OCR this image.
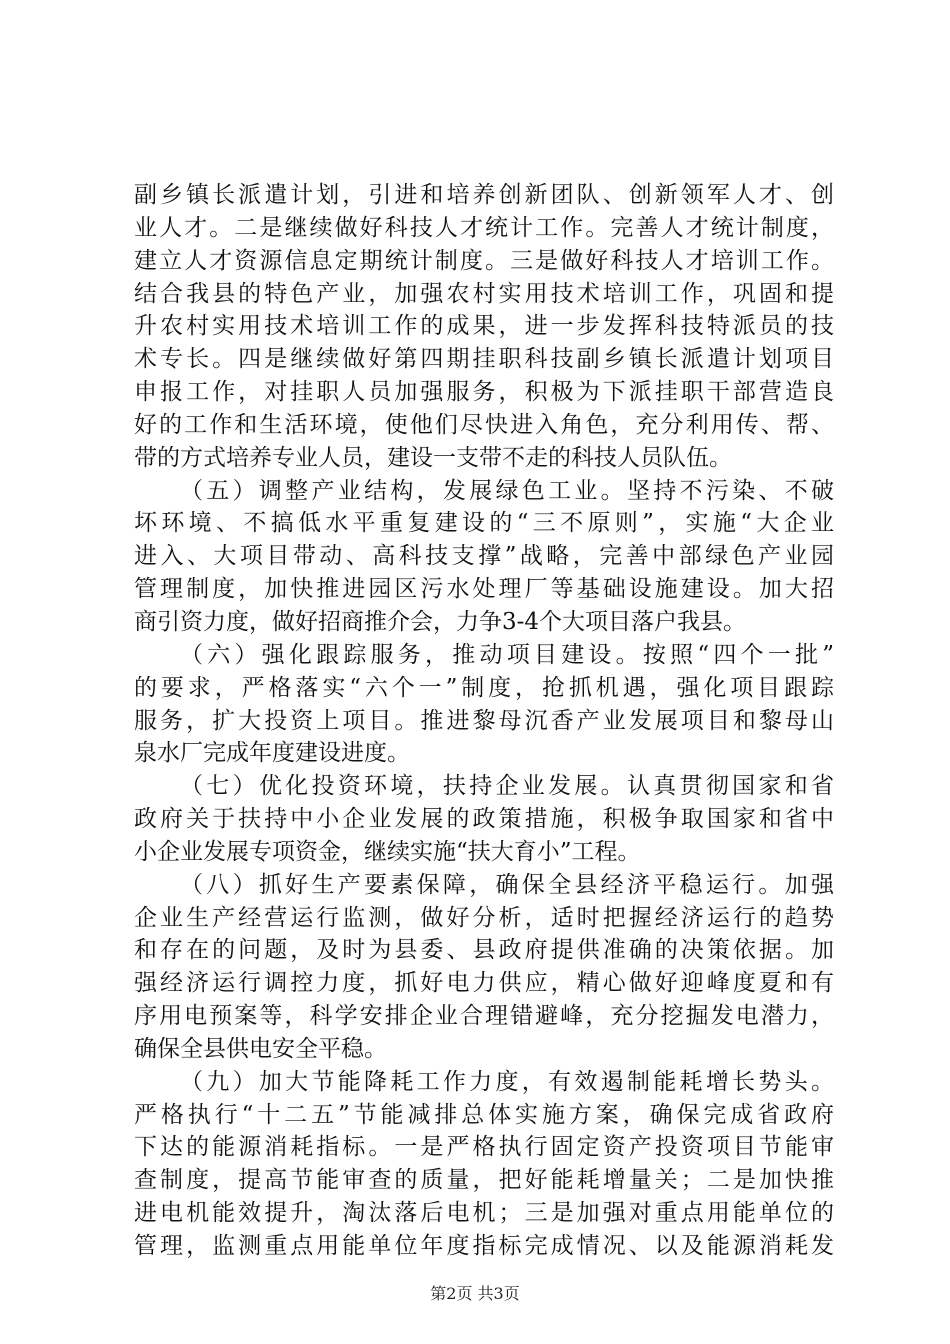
副乡镇长派遣计划，引进和培养创新团队、创新领军人才、创
业人才。二是继续做好科技人才统计工作。完善人才统计制度，
建立人才资源信息定期统计制度。三是做好科技人才培训工作。
结合我县的特色产业，加强农村实用技术培训工作，巩固和提
升农村实用技术培训工作的成果，进一步发挥科技特派员的技
术专长。四是继续做好第四期挂职科技副乡镇长派遣计划项目
申报工作，对挂职人员加强服务，积极为下派挂职干部营造良
好的工作和生活环境，使他们尽快进入角色，充分利用传、帮、
带的方式培养专业人员，建设一支带不走的科技人员队伍。
（五）调整产业结构，发展绿色工业。坚持不污染、不破
坏环境、不搞低水平重复建设的“三不原则”，实施“大企业
进入、大项目带动、高科技支撑”战略，完善中部绿色产业园
管理制度，加快推进园区污水处理厂等基础设施建设。加大招
商引资力度，做好招商推介会，力争3-4个大项目落户我县。
（六）强化跟踪服务，推动项目建设。按照“四个一批”
的要求，严格落实“六个一”制度，抢抓机遇，强化项目跟踪
服务，扩大投资上项目。推进黎母沉香产业发展项目和黎母山
泉水厂完成年度建设进度。
（七）优化投资环境，扶持企业发展。认真贯彻国家和省
政府关于扶持中小企业发展的政策措施，积极争取国家和省中
小企业发展专项资金，继续实施“扶大育小”工程。
（八）抓好生产要素保障，确保全县经济平稳运行。加强
企业生产经营运行监测，做好分析，适时把握经济运行的趋势
和存在的问题，及时为县委、县政府提供准确的决策依据。加
强经济运行调控力度，抓好电力供应，精心做好迎峰度夏和有
序用电预案等，科学安排企业合理错避峰，充分挖掘发电潜力，
确保全县供电安全平稳。
（九）加大节能降耗工作力度，有效遏制能耗增长势头。
严格执行“十二五”节能减排总体实施方案，确保完成省政府
下达的能源消耗指标。一是严格执行固定资产投资项目节能审
查制度，提高节能审查的质量，把好能耗增量关；二是加快推
进电机能效提升，淘汰落后电机；三是加强对重点用能单位的
管理，监测重点用能单位年度指标完成情况、以及能源消耗发
第2页 共3页
